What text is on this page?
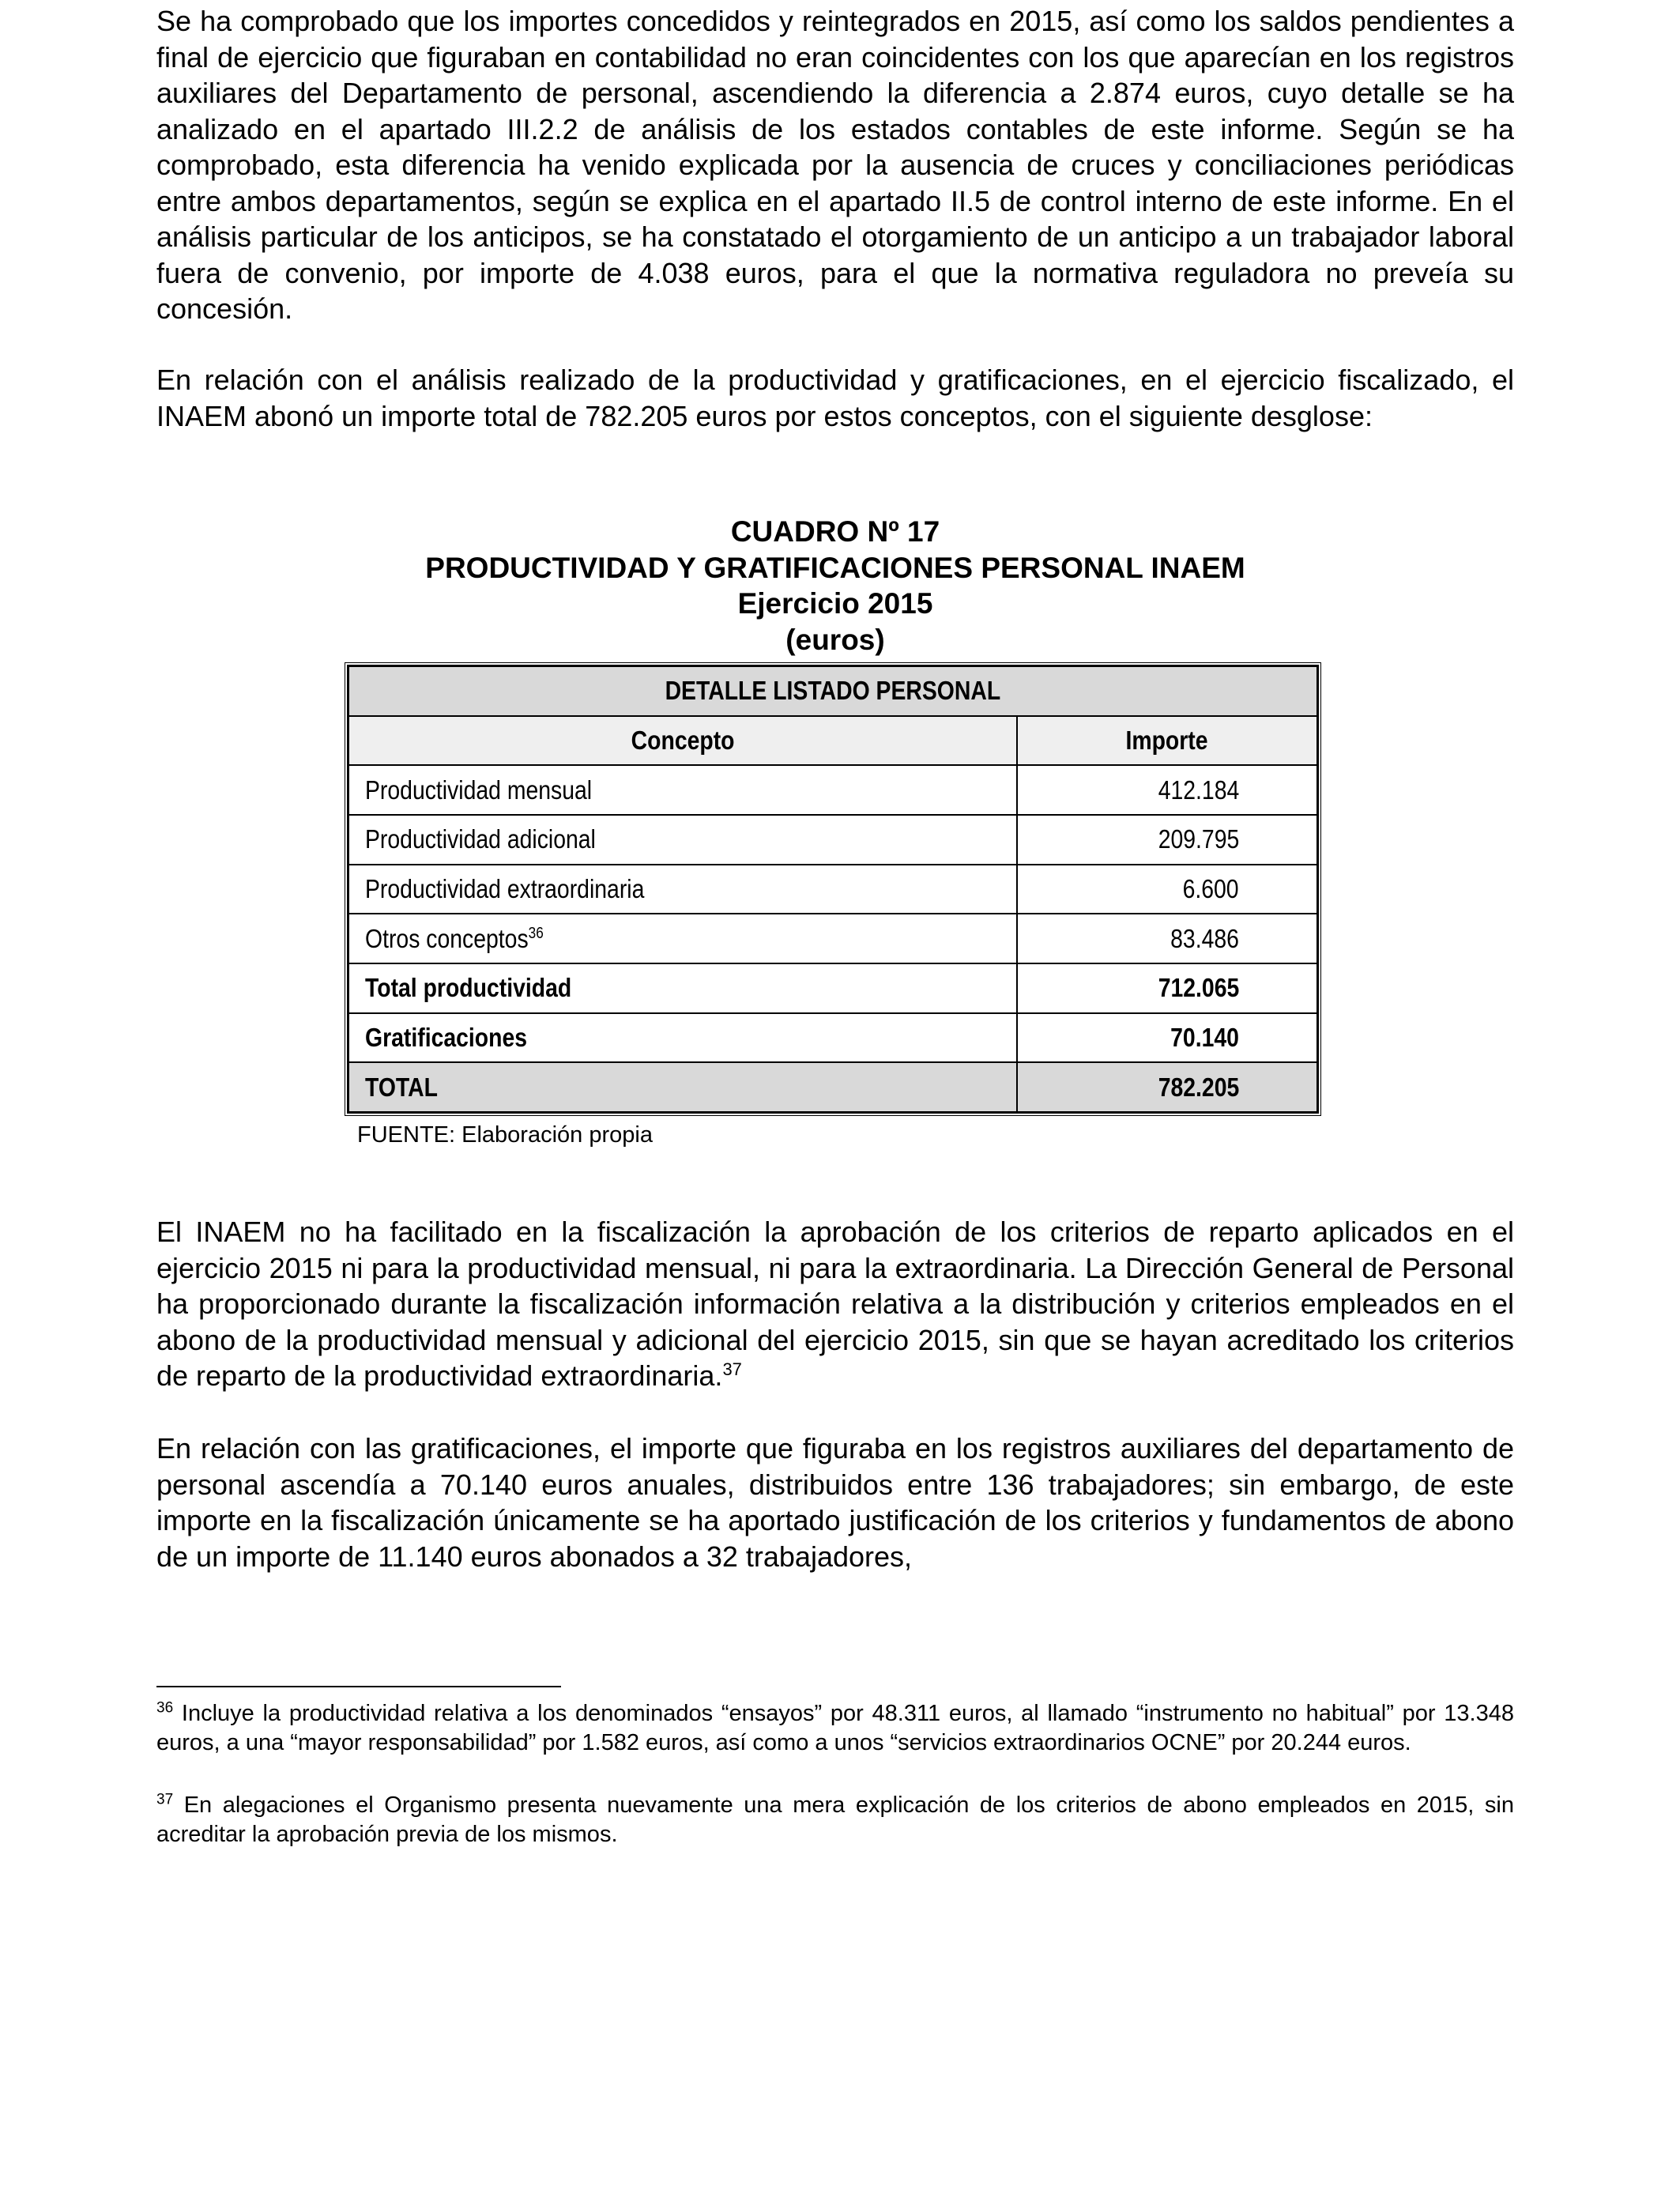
Se ha comprobado que los importes concedidos y reintegrados en 2015, así como los saldos pendientes a final de ejercicio que figuraban en contabilidad no eran coincidentes con los que aparecían en los registros auxiliares del Departamento de personal, ascendiendo la diferencia a 2.874 euros, cuyo detalle se ha analizado en el apartado III.2.2 de análisis de los estados contables de este informe. Según se ha comprobado, esta diferencia ha venido explicada por la ausencia de cruces y conciliaciones periódicas entre ambos departamentos, según se explica en el apartado II.5 de control interno de este informe. En el análisis particular de los anticipos, se ha constatado el otorgamiento de un anticipo a un trabajador laboral fuera de convenio, por importe de 4.038 euros, para el que la normativa reguladora no preveía su concesión.

En relación con el análisis realizado de la productividad y gratificaciones, en el ejercicio fiscalizado, el INAEM abonó un importe total de 782.205 euros por estos conceptos, con el siguiente desglose:

CUADRO Nº 17
PRODUCTIVIDAD Y GRATIFICACIONES PERSONAL INAEM
Ejercicio 2015
(euros)
DETALLE LISTADO PERSONAL	
Concepto	Importe
Productividad mensual	412.184
Productividad adicional	209.795
Productividad extraordinaria	6.600
Otros conceptos$^{36}$	83.486
Total productividad	712.065
Gratificaciones	70.140
TOTAL	782.205
FUENTE: Elaboración propia

El INAEM no ha facilitado en la fiscalización la aprobación de los criterios de reparto aplicados en el ejercicio 2015 ni para la productividad mensual, ni para la extraordinaria. La Dirección General de Personal ha proporcionado durante la fiscalización información relativa a la distribución y criterios empleados en el abono de la productividad mensual y adicional del ejercicio 2015, sin que se hayan acreditado los criterios de reparto de la productividad extraordinaria.$^{37}$

En relación con las gratificaciones, el importe que figuraba en los registros auxiliares del departamento de personal ascendía a 70.140 euros anuales, distribuidos entre 136 trabajadores; sin embargo, de este importe en la fiscalización únicamente se ha aportado justificación de los criterios y fundamentos de abono de un importe de 11.140 euros abonados a 32 trabajadores,

$^{36}$ Incluye la productividad relativa a los denominados “ensayos” por 48.311 euros, al llamado “instrumento no habitual” por 13.348 euros, a una “mayor responsabilidad” por 1.582 euros, así como a unos “servicios extraordinarios OCNE” por 20.244 euros.

$^{37}$ En alegaciones el Organismo presenta nuevamente una mera explicación de los criterios de abono empleados en 2015, sin acreditar la aprobación previa de los mismos.
